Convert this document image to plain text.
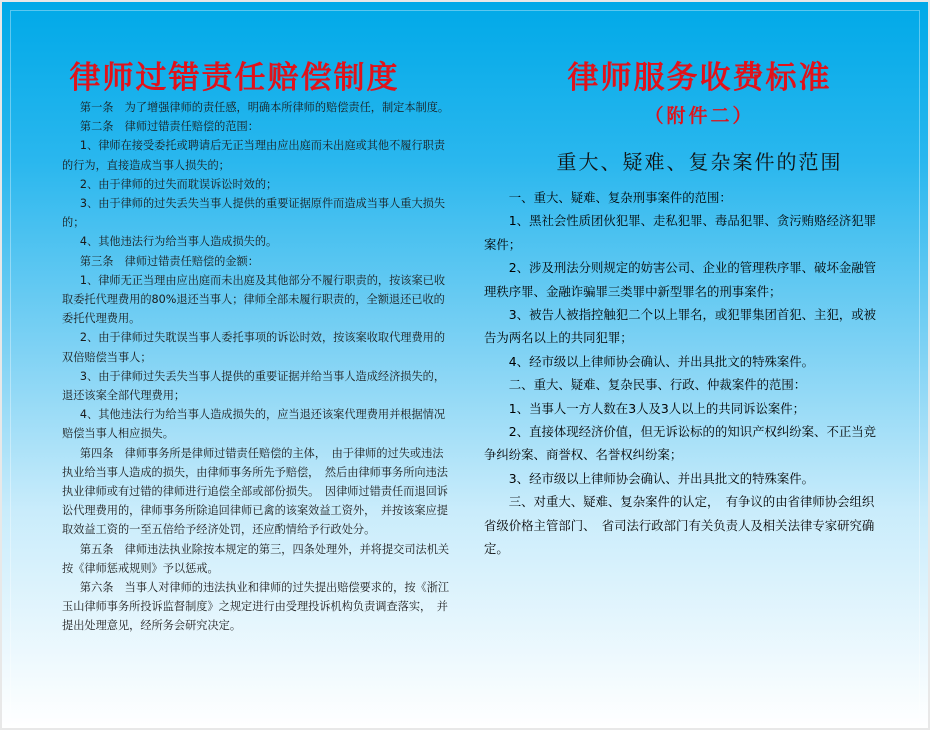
律师过错责任赔偿制度

第一条　为了增强律师的责任感，明确本所律师的赔偿责任，制定本制度。

第二条　律师过错责任赔偿的范围：

1、律师在接受委托或聘请后无正当理由应出庭而未出庭或其他不履行职责的行为，直接造成当事人损失的；

2、由于律师的过失而耽误诉讼时效的；

3、由于律师的过失丢失当事人提供的重要证据原件而造成当事人重大损失的；

4、其他违法行为给当事人造成损失的。

第三条　律师过错责任赔偿的金额：

1、律师无正当理由应出庭而未出庭及其他部分不履行职责的，按该案已收取委托代理费用的80%退还当事人；律师全部未履行职责的，全额退还已收的委托代理费用。

2、由于律师过失耽误当事人委托事项的诉讼时效，按该案收取代理费用的双倍赔偿当事人；

3、由于律师过失丢失当事人提供的重要证据并给当事人造成经济损失的，退还该案全部代理费用；

4、其他违法行为给当事人造成损失的，应当退还该案代理费用并根据情况赔偿当事人相应损失。

第四条　律师事务所是律师过错责任赔偿的主体，　由于律师的过失或违法执业给当事人造成的损失，由律师事务所先予赔偿，　然后由律师事务所向违法执业律师或有过错的律师进行追偿全部或部份损失。　因律师过错责任而退回诉讼代理费用的，律师事务所除追回律师已禽的该案效益工资外，　并按该案应提取效益工资的一至五倍给予经济处罚，还应酌情给予行政处分。

第五条　律师违法执业除按本规定的第三，四条处理外，并将提交司法机关按《律师惩戒规则》予以惩戒。

第六条　当事人对律师的违法执业和律师的过失提出赔偿要求的，按《浙江玉山律师事务所投诉监督制度》之规定进行由受理投诉机构负责调查落实，　并提出处理意见，经所务会研究决定。

律师服务收费标准
（附件二）
重大、疑难、复杂案件的范围

一、重大、疑难、复杂刑事案件的范围：

1、黑社会性质团伙犯罪、走私犯罪、毒品犯罪、贪污贿赂经济犯罪案件；

2、涉及刑法分则规定的妨害公司、企业的管理秩序罪、破坏金融管理秩序罪、金融诈骗罪三类罪中新型罪名的刑事案件；

3、被告人被指控触犯二个以上罪名，或犯罪集团首犯、主犯，或被告为两名以上的共同犯罪；

4、经市级以上律师协会确认、并出具批文的特殊案件。

二、重大、疑难、复杂民事、行政、仲裁案件的范围：

1、当事人一方人数在3人及3人以上的共同诉讼案件；

2、直接体现经济价值，但无诉讼标的的知识产权纠纷案、不正当竞争纠纷案、商誉权、名誉权纠纷案；

3、经市级以上律师协会确认、并出具批文的特殊案件。

三、对重大、疑难、复杂案件的认定，　有争议的由省律师协会组织省级价格主管部门、　省司法行政部门有关负责人及相关法律专家研究确定。
